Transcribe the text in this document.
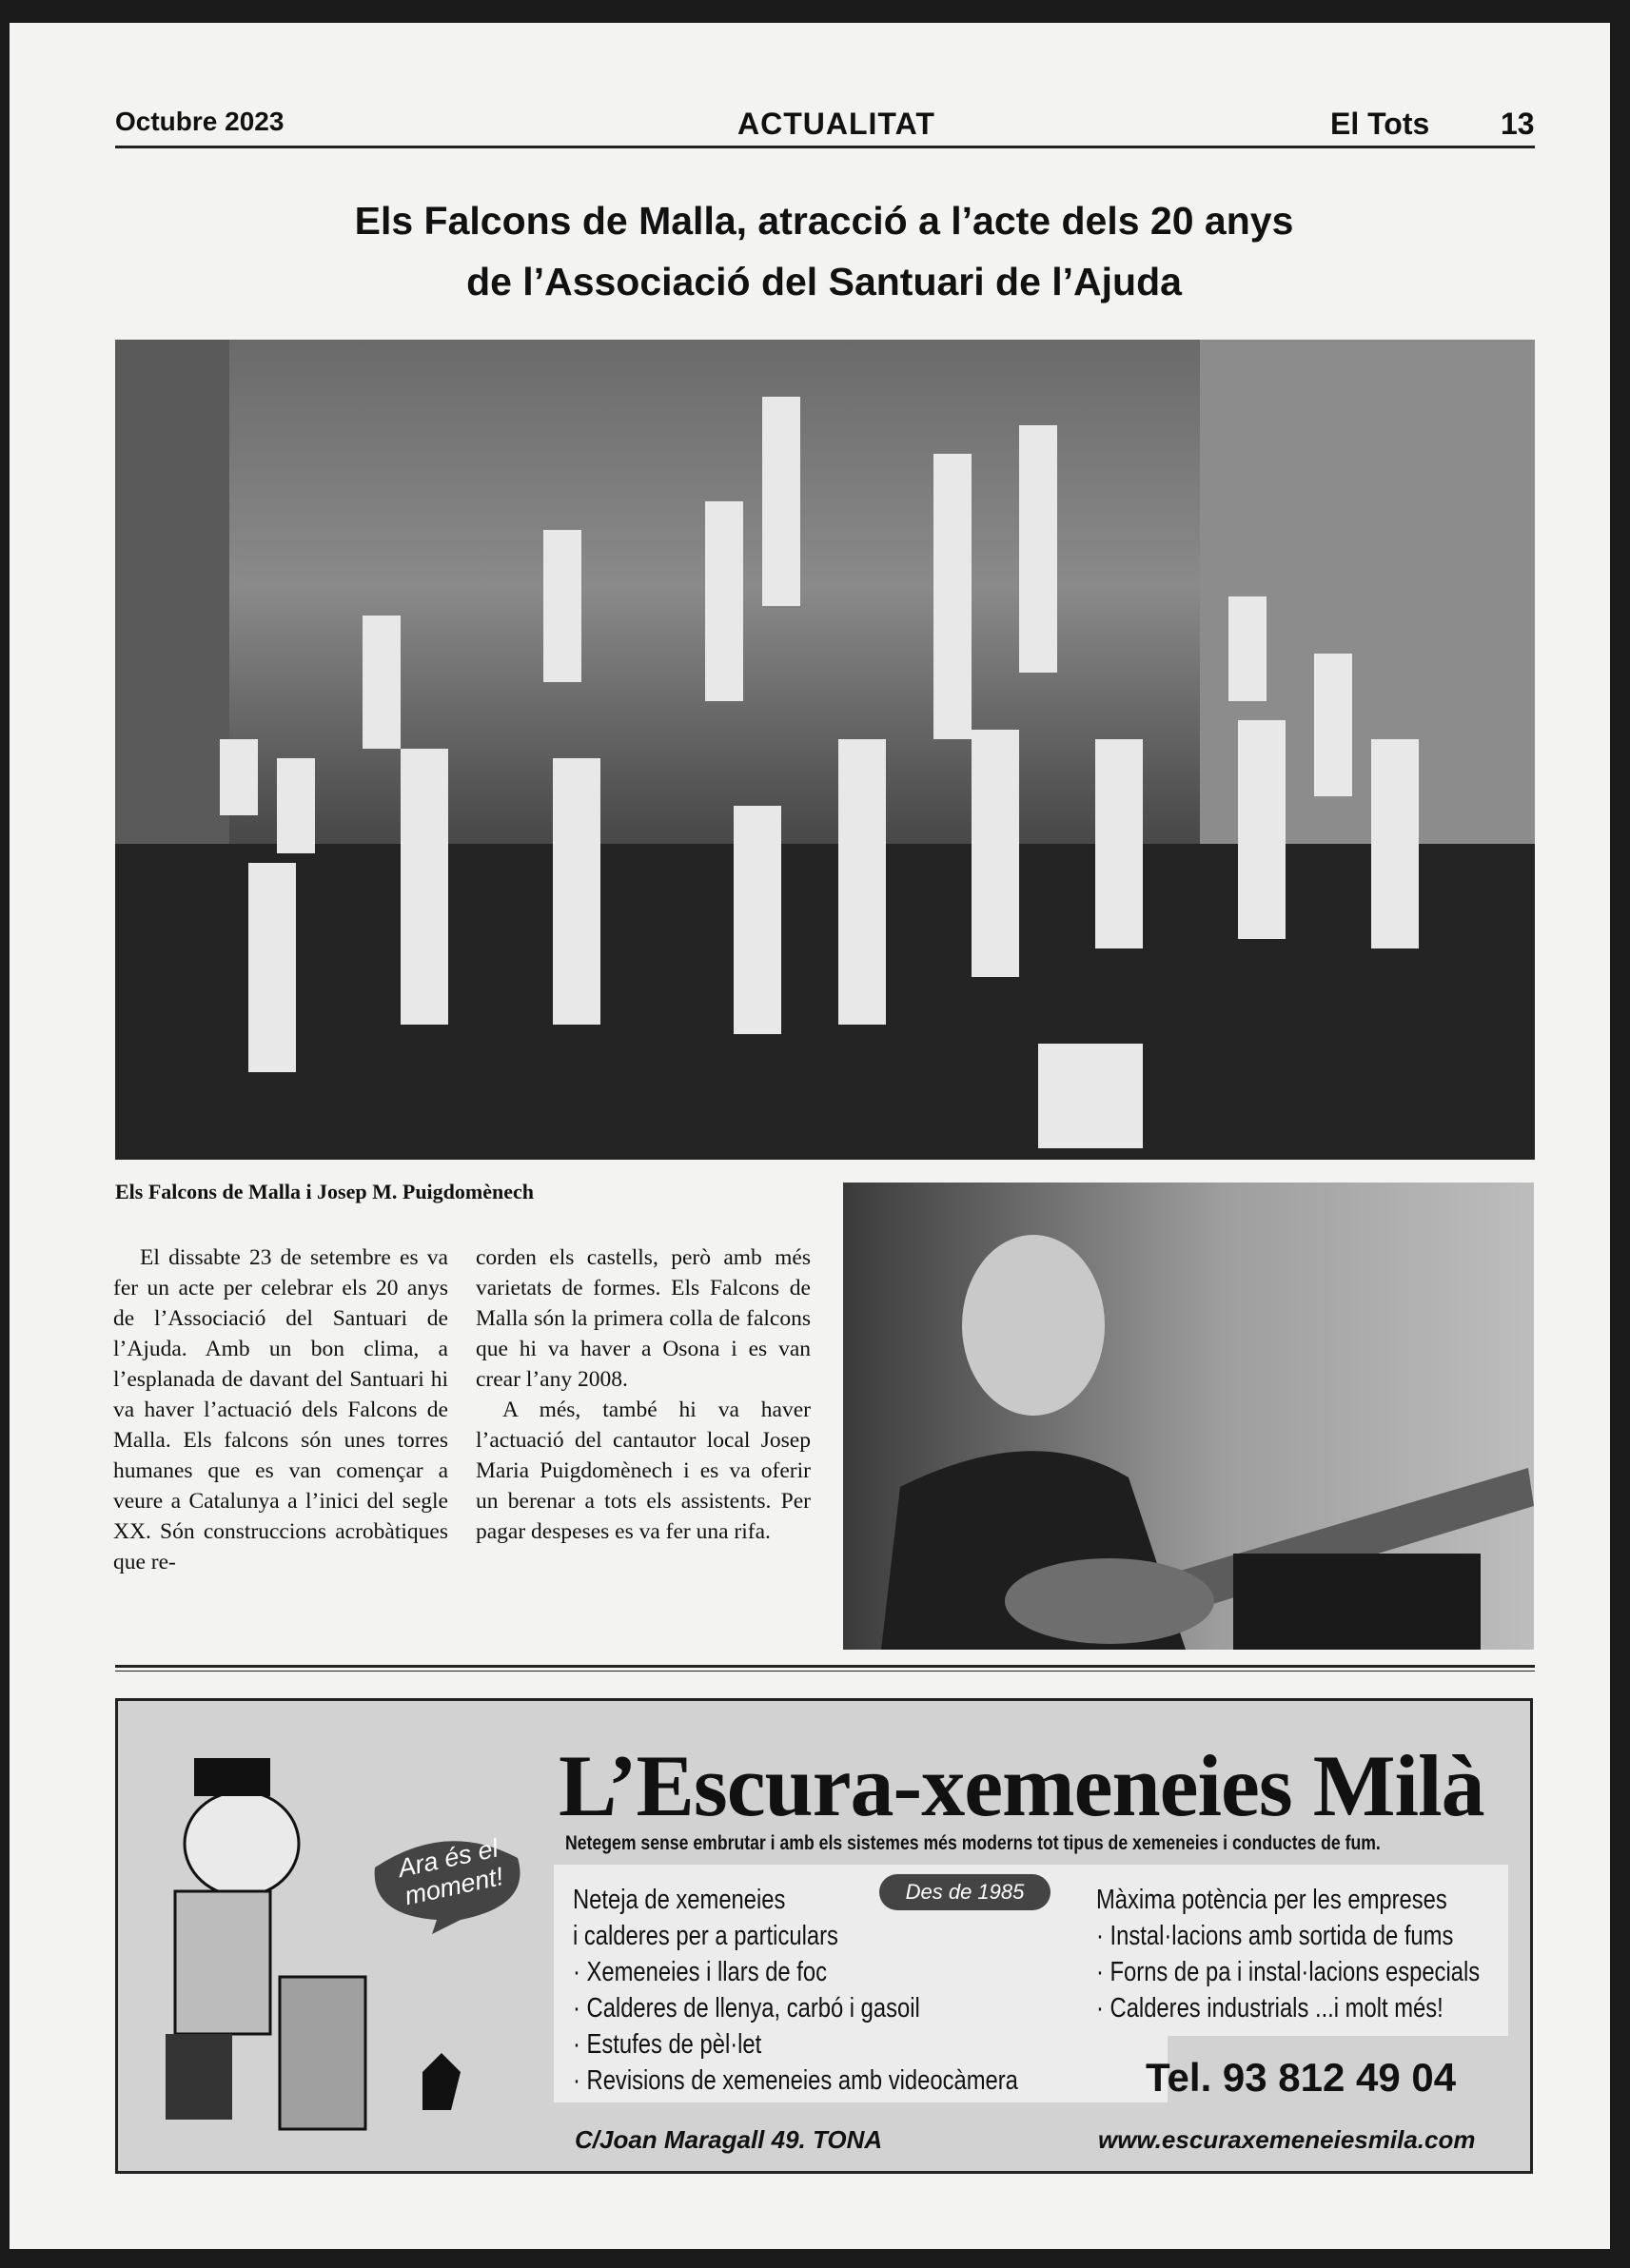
Octubre 2023	ACTUALITAT	El Tots 13
Els Falcons de Malla, atracció a l’acte dels 20 anys
de l’Associació del Santuari de l’Ajuda
Els Falcons de Malla i Josep M. Puigdomènech

El dissabte 23 de setembre es va fer un acte per celebrar els 20 anys de l’Associació del Santuari de l’Ajuda. Amb un bon clima, a l’esplanada de davant del Santuari hi va haver l’actuació dels Falcons de Malla. Els falcons són unes torres humanes que es van començar a veure a Catalunya a l’inici del segle XX. Són construccions acrobàtiques que re-

corden els castells, però amb més varietats de formes. Els Falcons de Malla són la primera colla de falcons que hi va haver a Osona i es van crear l’any 2008.

A més, també hi va haver l’actuació del cantautor local Josep Maria Puigdomènech i es va oferir un berenar a tots els assistents. Per pagar despeses es va fer una rifa.

Ara és el moment!
L’Escura-xemeneies Milà
Netegem sense embrutar i amb els sistemes més moderns tot tipus de xemeneies i conductes de fum.
Neteja de xemeneies
i calderes per a particulars
· Xemeneies i llars de foc
· Calderes de llenya, carbó i gasoil
· Estufes de pèl·let
· Revisions de xemeneies amb videocàmera
Des de 1985	Màxima potència per les empreses
· Instal·lacions amb sortida de fums
· Forns de pa i instal·lacions especials
· Calderes industrials ...i molt més!
Tel. 93 812 49 04
C/Joan Maragall 49. TONA	www.escuraxemeneiesmila.com
